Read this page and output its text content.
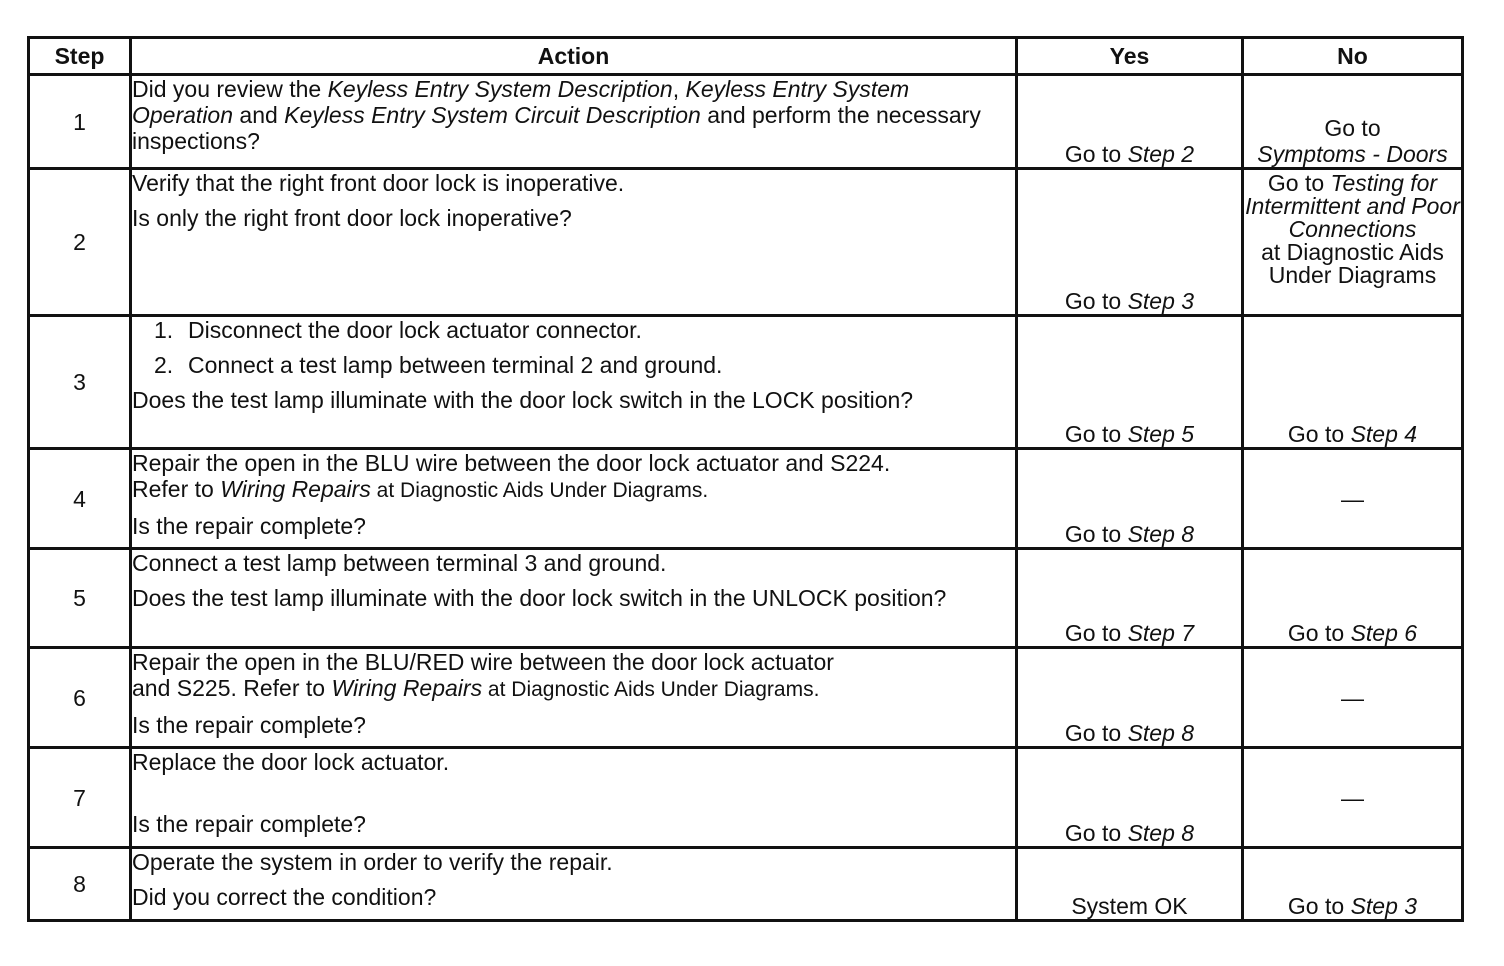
Step	Action	Yes	No
1	Did you review the Keyless Entry System Description, Keyless Entry System Operation and Keyless Entry System Circuit Description and perform the necessary inspections?	Go to Step 2	Go to
Symptoms - Doors
2	Verify that the right front door lock is inoperative.
Is only the right front door lock inoperative?	Go to Step 3	Go to Testing for Intermittent and Poor Connections
at Diagnostic Aids Under Diagrams

3	1. Disconnect the door lock actuator connector.
2. Connect a test lamp between terminal 2 and ground.
Does the test lamp illuminate with the door lock switch in the LOCK position?	Go to Step 5	Go to Step 4
4	Repair the open in the BLU wire between the door lock actuator and S224.
Refer to Wiring Repairs at Diagnostic Aids Under Diagrams.
Is the repair complete?	Go to Step 8	—
5	Connect a test lamp between terminal 3 and ground.
Does the test lamp illuminate with the door lock switch in the UNLOCK position?	Go to Step 7	Go to Step 6
6	Repair the open in the BLU/RED wire between the door lock actuator
and S225. Refer to Wiring Repairs at Diagnostic Aids Under Diagrams.
Is the repair complete?	Go to Step 8	—
7	Replace the door lock actuator.
Is the repair complete?	Go to Step 8	—
8	Operate the system in order to verify the repair.
Did you correct the condition?	System OK	Go to Step 3
